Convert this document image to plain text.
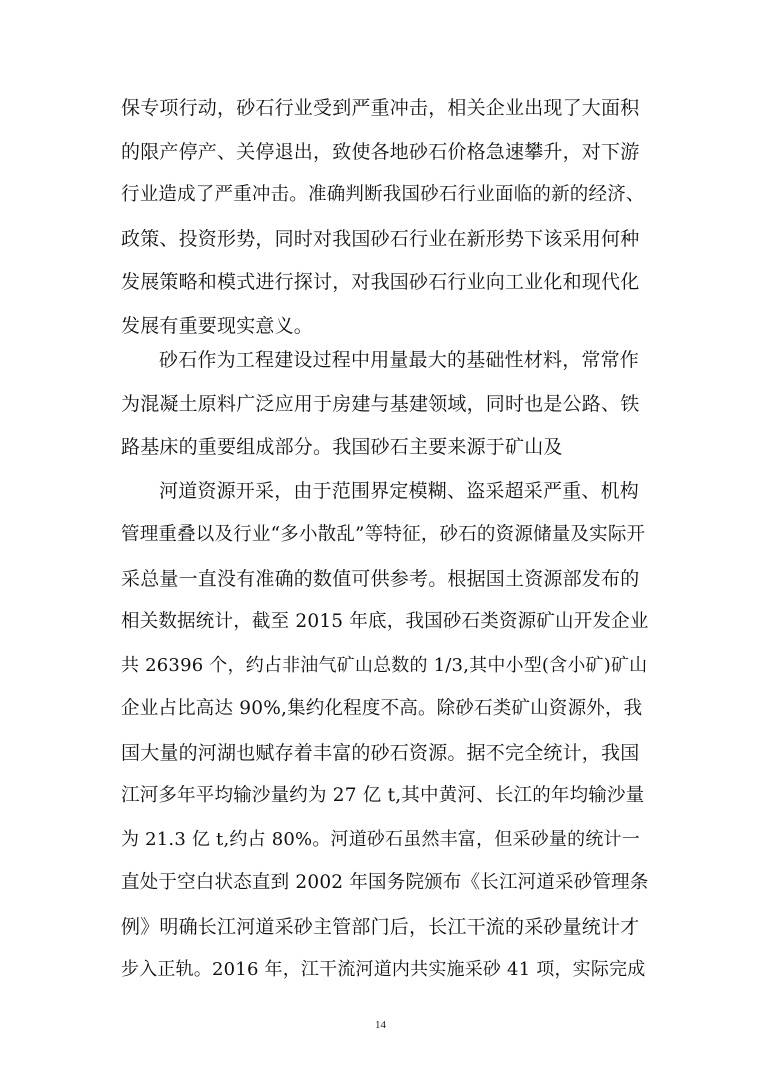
保专项行动，砂石行业受到严重冲击，相关企业出现了大面积
的限产停产、关停退出，致使各地砂石价格急速攀升，对下游
行业造成了严重冲击。准确判断我国砂石行业面临的新的经济、
政策、投资形势，同时对我国砂石行业在新形势下该采用何种
发展策略和模式进行探讨，对我国砂石行业向工业化和现代化
发展有重要现实意义。
砂石作为工程建设过程中用量最大的基础性材料，常常作
为混凝土原料广泛应用于房建与基建领域，同时也是公路、铁
路基床的重要组成部分。我国砂石主要来源于矿山及
河道资源开采，由于范围界定模糊、盗采超采严重、机构
管理重叠以及行业“多小散乱”等特征，砂石的资源储量及实际开
采总量一直没有准确的数值可供参考。根据国土资源部发布的
相关数据统计，截至 2015 年底，我国砂石类资源矿山开发企业
共 26396 个，约占非油气矿山总数的 1/3,其中小型(含小矿)矿山
企业占比高达 90%,集约化程度不高。除砂石类矿山资源外，我
国大量的河湖也赋存着丰富的砂石资源。据不完全统计，我国
江河多年平均输沙量约为 27 亿 t,其中黄河、长江的年均输沙量
为 21.3 亿 t,约占 80%。河道砂石虽然丰富，但采砂量的统计一
直处于空白状态直到 2002 年国务院颁布《长江河道采砂管理条
例》明确长江河道采砂主管部门后，长江干流的采砂量统计才
步入正轨。2016 年，江干流河道内共实施采砂 41 项，实际完成
14
